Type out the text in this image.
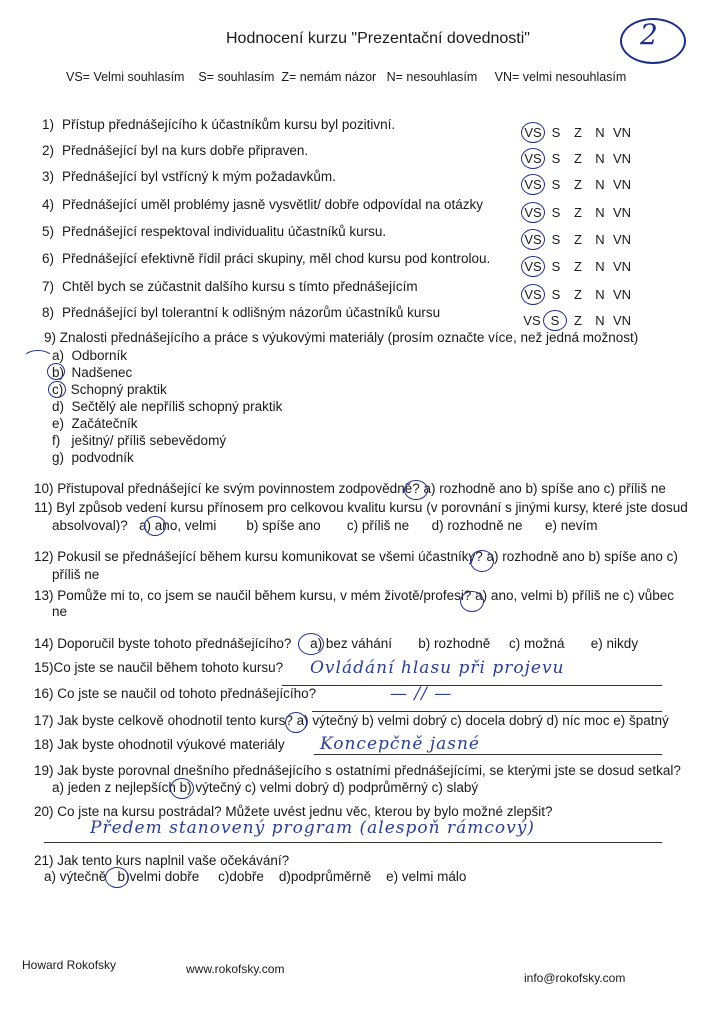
2
Hodnocení kurzu "Prezentační dovednosti"
VS= Velmi souhlasím    S= souhlasím  Z= nemám názor   N= nesouhlasím     VN= velmi nesouhlasím
1) Přístup přednášejícího k účastníkům kursu byl pozitivní.
VS S Z N VN
2) Přednášející byl na kurs dobře připraven.
VS S Z N VN
3) Přednášející byl vstřícný k mým požadavkům.
VS S Z N VN
4) Přednášející uměl problémy jasně vysvětlit/ dobře odpovídal na otázky
VS S Z N VN
5) Přednášející respektoval individualitu účastníků kursu.
VS S Z N VN
6) Přednášející efektivně řídil práci skupiny, měl chod kursu pod kontrolou.
VS S Z N VN
7) Chtěl bych se zúčastnit dalšího kursu s tímto přednášejícím
VS S Z N VN
8) Přednášející byl tolerantní k odlišným názorům účastníků kursu
VS S Z N VN
9) Znalosti přednášejícího a práce s výukovými materiály (prosím označte více, než jedná možnost)
a)  Odborník
b)  Nadšenec
c)  Schopný praktik
d)  Sečtělý ale nepříliš schopný praktik
e)  Začátečník
f)   ješitný/ příliš sebevědomý
g)  podvodník
10) Přistupoval přednášející ke svým povinnostem zodpovědně? a) rozhodně ano b) spíše ano c) příliš ne
11) Byl způsob vedení kursu přínosem pro celkovou kvalitu kursu (v porovnání s jinými kursy, které jste dosud
absolvoval)?   a) ano, velmi        b) spíše ano       c) příliš ne      d) rozhodně ne      e) nevím
12) Pokusil se přednášející během kursu komunikovat se všemi účastníky? a) rozhodně ano b) spíše ano c)
příliš ne
13) Pomůže mi to, co jsem se naučil během kursu, v mém životě/profesi? a) ano, velmi b) příliš ne c) vůbec
ne
14) Doporučil byste tohoto přednášejícího?     a) bez váhání       b) rozhodně     c) možná       e) nikdy
15)Co jste se naučil během tohoto kursu? Ovládání hlasu při projevu
16) Co jste se naučil od tohoto přednášejícího?	— // —
17) Jak byste celkově ohodnotil tento kurs? a) výtečný b) velmi dobrý c) docela dobrý d) níc moc e) špatný
18) Jak byste ohodnotil výukové materiály Koncepčně jasné
19) Jak byste porovnal dnešního přednášejícího s ostatními přednášejícími, se kterými jste se dosud setkal?
a) jeden z nejlepších b) výtečný c) velmi dobrý d) podprůměrný c) slabý
20) Co jste na kursu postrádal? Můžete uvést jednu věc, kterou by bylo možné zlepšit?
Předem stanovený program (alespoň rámcový)
21) Jak tento kurs naplnil vaše očekávání?
a) výtečně   b)velmi dobře     c)dobře    d)podprůměrně    e) velmi málo
Howard Rokofsky	www.rokofsky.com
info@rokofsky.com
